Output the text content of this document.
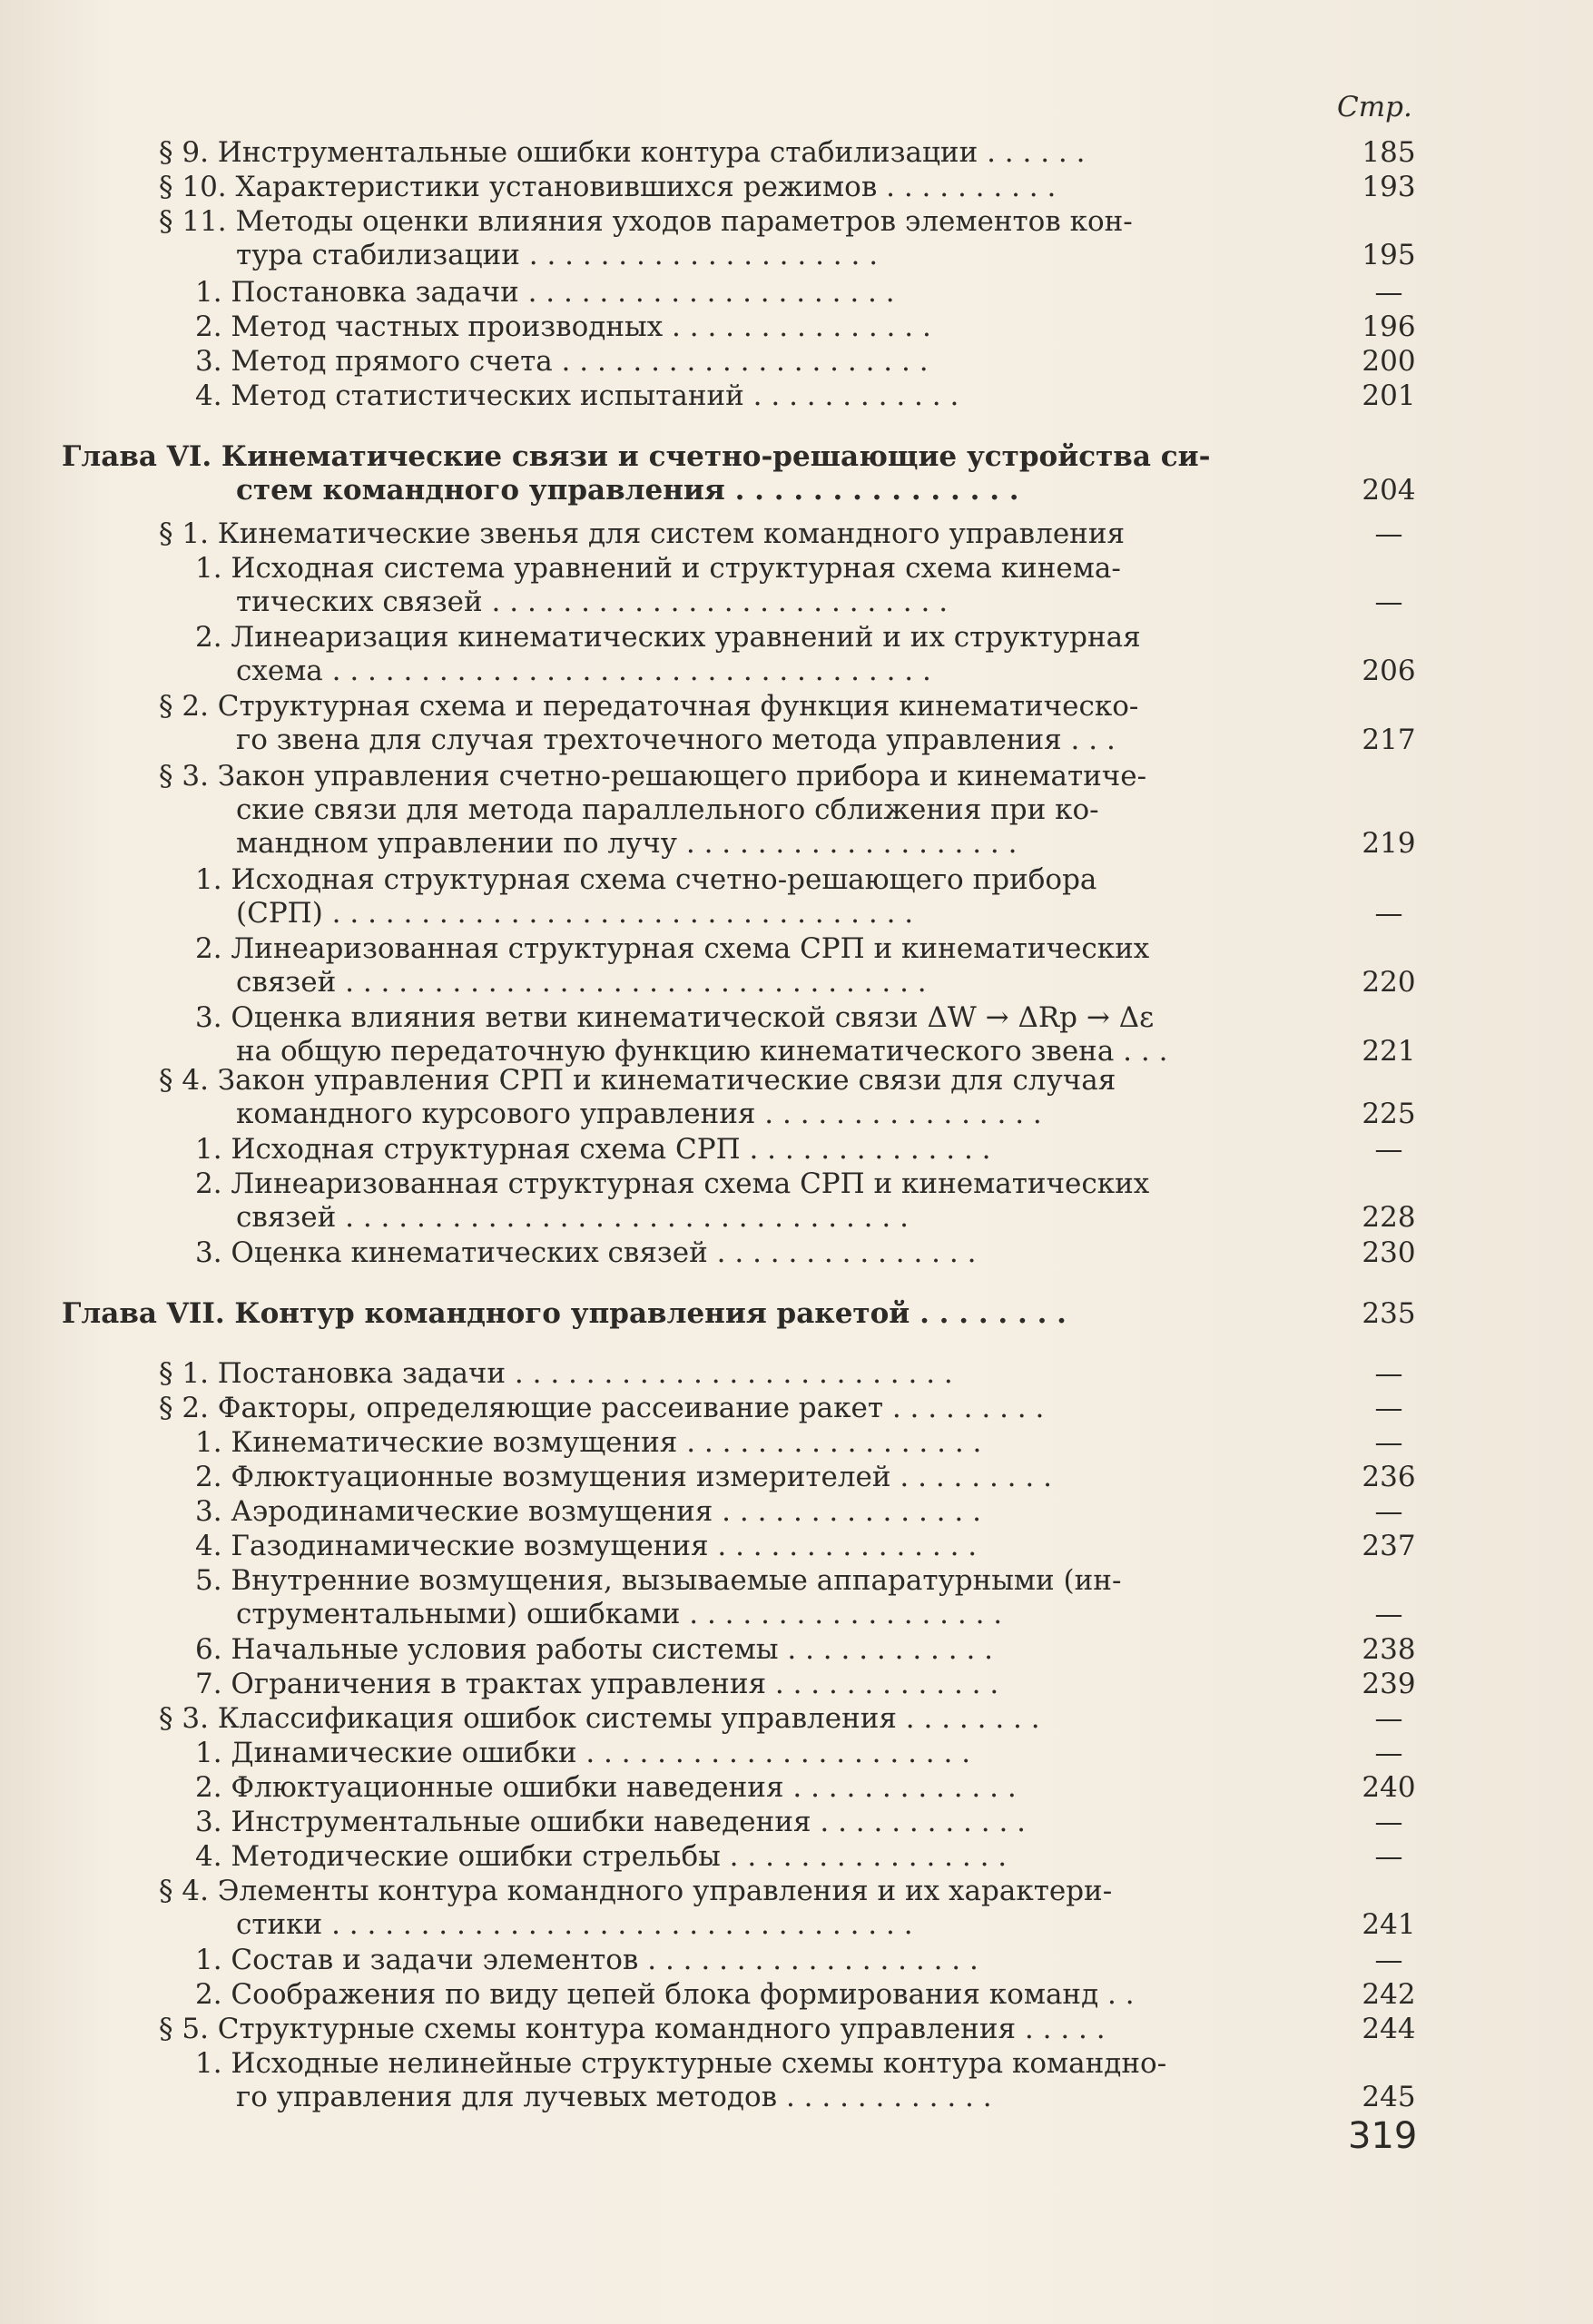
Стр.
§ 9. Инструментальные ошибки контура стабилизации . . . . . .	185
§ 10. Характеристики установившихся режимов . . . . . . . . . .	193
§ 11. Методы оценки влияния уходов параметров элементов кон-
тура стабилизации . . . . . . . . . . . . . . . . . . . .	195
1. Постановка задачи . . . . . . . . . . . . . . . . . . . . .	—
2. Метод частных производных . . . . . . . . . . . . . . .	196
3. Метод прямого счета . . . . . . . . . . . . . . . . . . . . .	200
4. Метод статистических испытаний . . . . . . . . . . . .	201
Глава VI. Кинематические связи и счетно-решающие устройства си-
стем командного управления . . . . . . . . . . . . . . .	204
§ 1. Кинематические звенья для систем командного управления	—
1. Исходная система уравнений и структурная схема кинема-
тических связей . . . . . . . . . . . . . . . . . . . . . . . . . .	—
2. Линеаризация кинематических уравнений и их структурная
схема . . . . . . . . . . . . . . . . . . . . . . . . . . . . . . . . . .	206
§ 2. Структурная схема и передаточная функция кинематическо-
го звена для случая трехточечного метода управления . . .	217
§ 3. Закон управления счетно-решающего прибора и кинематиче-
ские связи для метода параллельного сближения при ко-
мандном управлении по лучу . . . . . . . . . . . . . . . . . . .	219
1. Исходная структурная схема счетно-решающего прибора
(СРП) . . . . . . . . . . . . . . . . . . . . . . . . . . . . . . . . .	—
2. Линеаризованная структурная схема СРП и кинематических
связей . . . . . . . . . . . . . . . . . . . . . . . . . . . . . . . . .	220
3. Оценка влияния ветви кинематической связи ΔW → ΔRp → Δε
на общую передаточную функцию кинематического звена . . .	221
§ 4. Закон управления СРП и кинематические связи для случая
командного курсового управления . . . . . . . . . . . . . . . .	225
1. Исходная структурная схема СРП . . . . . . . . . . . . . .	—
2. Линеаризованная структурная схема СРП и кинематических
связей . . . . . . . . . . . . . . . . . . . . . . . . . . . . . . . .	228
3. Оценка кинематических связей . . . . . . . . . . . . . . .	230
Глава VII. Контур командного управления ракетой . . . . . . . .	235
§ 1. Постановка задачи . . . . . . . . . . . . . . . . . . . . . . . . .	—
§ 2. Факторы, определяющие рассеивание ракет . . . . . . . . .	—
1. Кинематические возмущения . . . . . . . . . . . . . . . . .	—
2. Флюктуационные возмущения измерителей . . . . . . . . .	236
3. Аэродинамические возмущения . . . . . . . . . . . . . . .	—
4. Газодинамические возмущения . . . . . . . . . . . . . . .	237
5. Внутренние возмущения, вызываемые аппаратурными (ин-
струментальными) ошибками . . . . . . . . . . . . . . . . . .	—
6. Начальные условия работы системы . . . . . . . . . . . .	238
7. Ограничения в трактах управления . . . . . . . . . . . . .	239
§ 3. Классификация ошибок системы управления . . . . . . . .	—
1. Динамические ошибки . . . . . . . . . . . . . . . . . . . . . .	—
2. Флюктуационные ошибки наведения . . . . . . . . . . . . .	240
3. Инструментальные ошибки наведения . . . . . . . . . . . .	—
4. Методические ошибки стрельбы . . . . . . . . . . . . . . . .	—
§ 4. Элементы контура командного управления и их характери-
стики . . . . . . . . . . . . . . . . . . . . . . . . . . . . . . . . .	241
1. Состав и задачи элементов . . . . . . . . . . . . . . . . . . .	—
2. Соображения по виду цепей блока формирования команд . .	242
§ 5. Структурные схемы контура командного управления . . . . .	244
1. Исходные нелинейные структурные схемы контура командно-
го управления для лучевых методов . . . . . . . . . . . .	245
319
